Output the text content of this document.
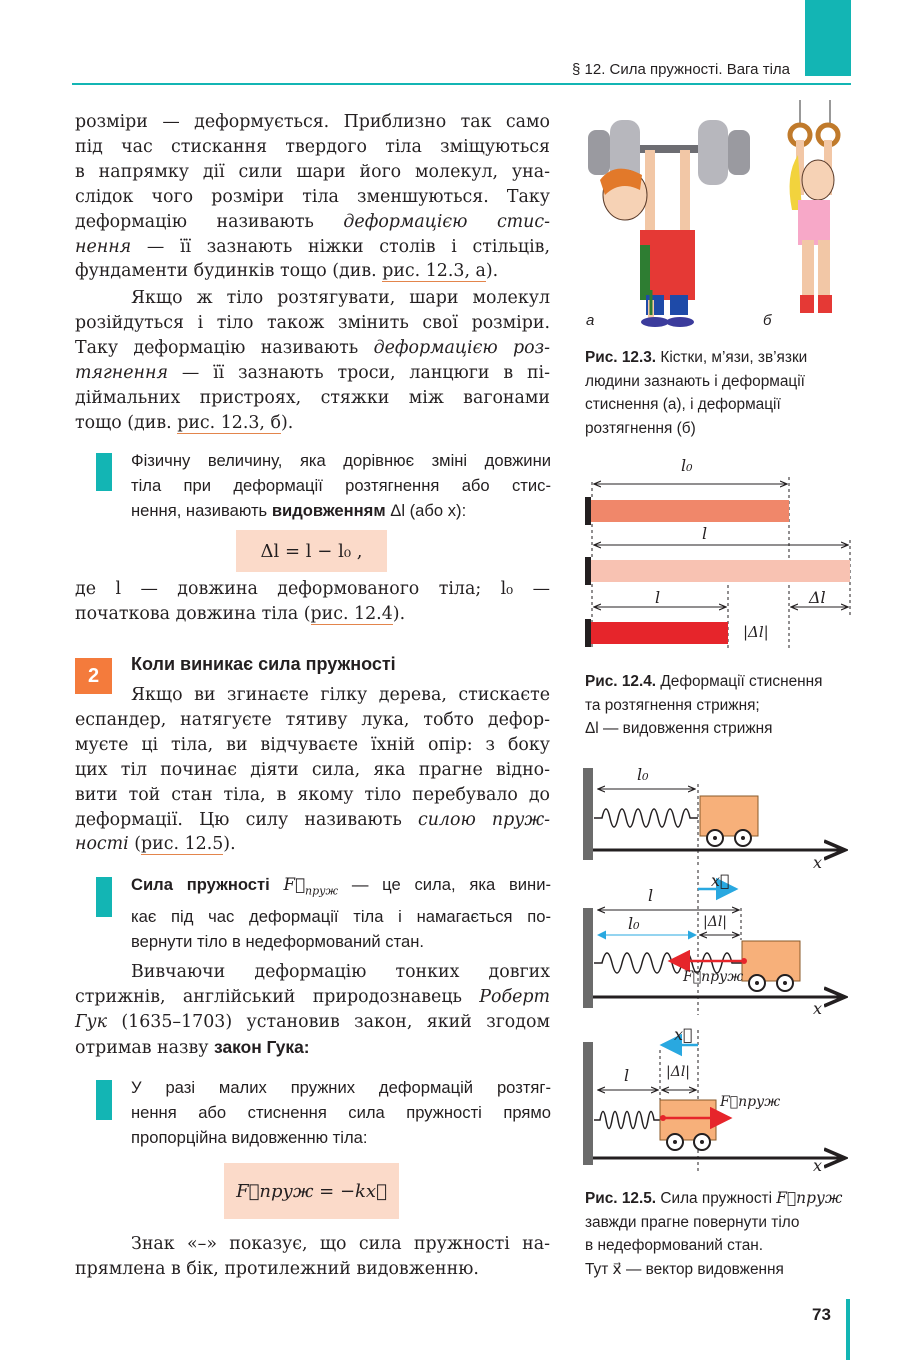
§ 12. Сила пружності. Вага тіла
розміри — деформується. Приблизно так само
під час стискання твердого тіла зміщуються
в напрямку дії сили шари його молекул, уна-
слідок чого розміри тіла зменшуються. Таку
деформацію називають деформацією стис-
нення — її зазнають ніжки столів і стільців,
фундаменти будинків тощо (див. рис. 12.3, а).
Якщо ж тіло розтягувати, шари молекул
розійдуться і тіло також змінить свої розміри.
Таку деформацію називають деформацією роз-
тягнення — її зазнають троси, ланцюги в пі-
діймальних пристроях, стяжки між вагонами
тощо (див. рис. 12.3, б).
Фізичну величину, яка дорівнює зміні довжини
тіла при деформації розтягнення або стис-
нення, називають видовженням Δl (або x):
Δl = l − l₀ ,
де l — довжина деформованого тіла; l₀ —
початкова довжина тіла (рис. 12.4).
2
Коли виникає сила пружності
Якщо ви згинаєте гілку дерева, стискаєте
еспандер, натягуєте тятиву лука, тобто дефор-
муєте ці тіла, ви відчуваєте їхній опір: з боку
цих тіл починає діяти сила, яка прагне відно-
вити той стан тіла, в якому тіло перебувало до
деформації. Цю силу називають силою пруж-
ності (рис. 12.5).
Сила пружності $F⃗_{пруж}$ — це сила, яка вини-
кає під час деформації тіла і намагається по-
вернути тіло в недеформований стан.
Вивчаючи деформацію тонких довгих
стрижнів, англійський природознавець Роберт
Гук (1635–1703) установив закон, який згодом
отримав назву закон Гука:
У разі малих пружних деформацій розтяг-
нення або стиснення сила пружності прямо
пропорційна видовженню тіла:
F⃗пруж = −kx⃗
Знак «–» показує, що сила пружності на-
прямлена в бік, протилежний видовженню.
а	б
Рис. 12.3. Кістки, м’язи, зв’язки
людини зазнають і деформації
стиснення (а), і деформації
розтягнення (б)
l₀
l
l	Δl
|Δl|
Рис. 12.4. Деформації стиснення
та розтягнення стрижня;
Δl — видовження стрижня
l₀
x
l
x⃗
l₀	|Δl|
F⃗пруж
x
x⃗
l	|Δl|
F⃗пруж
x
Рис. 12.5. Сила пружності F⃗пруж
завжди прагне повернути тіло
в недеформований стан.
Тут x⃗ — вектор видовження
73
